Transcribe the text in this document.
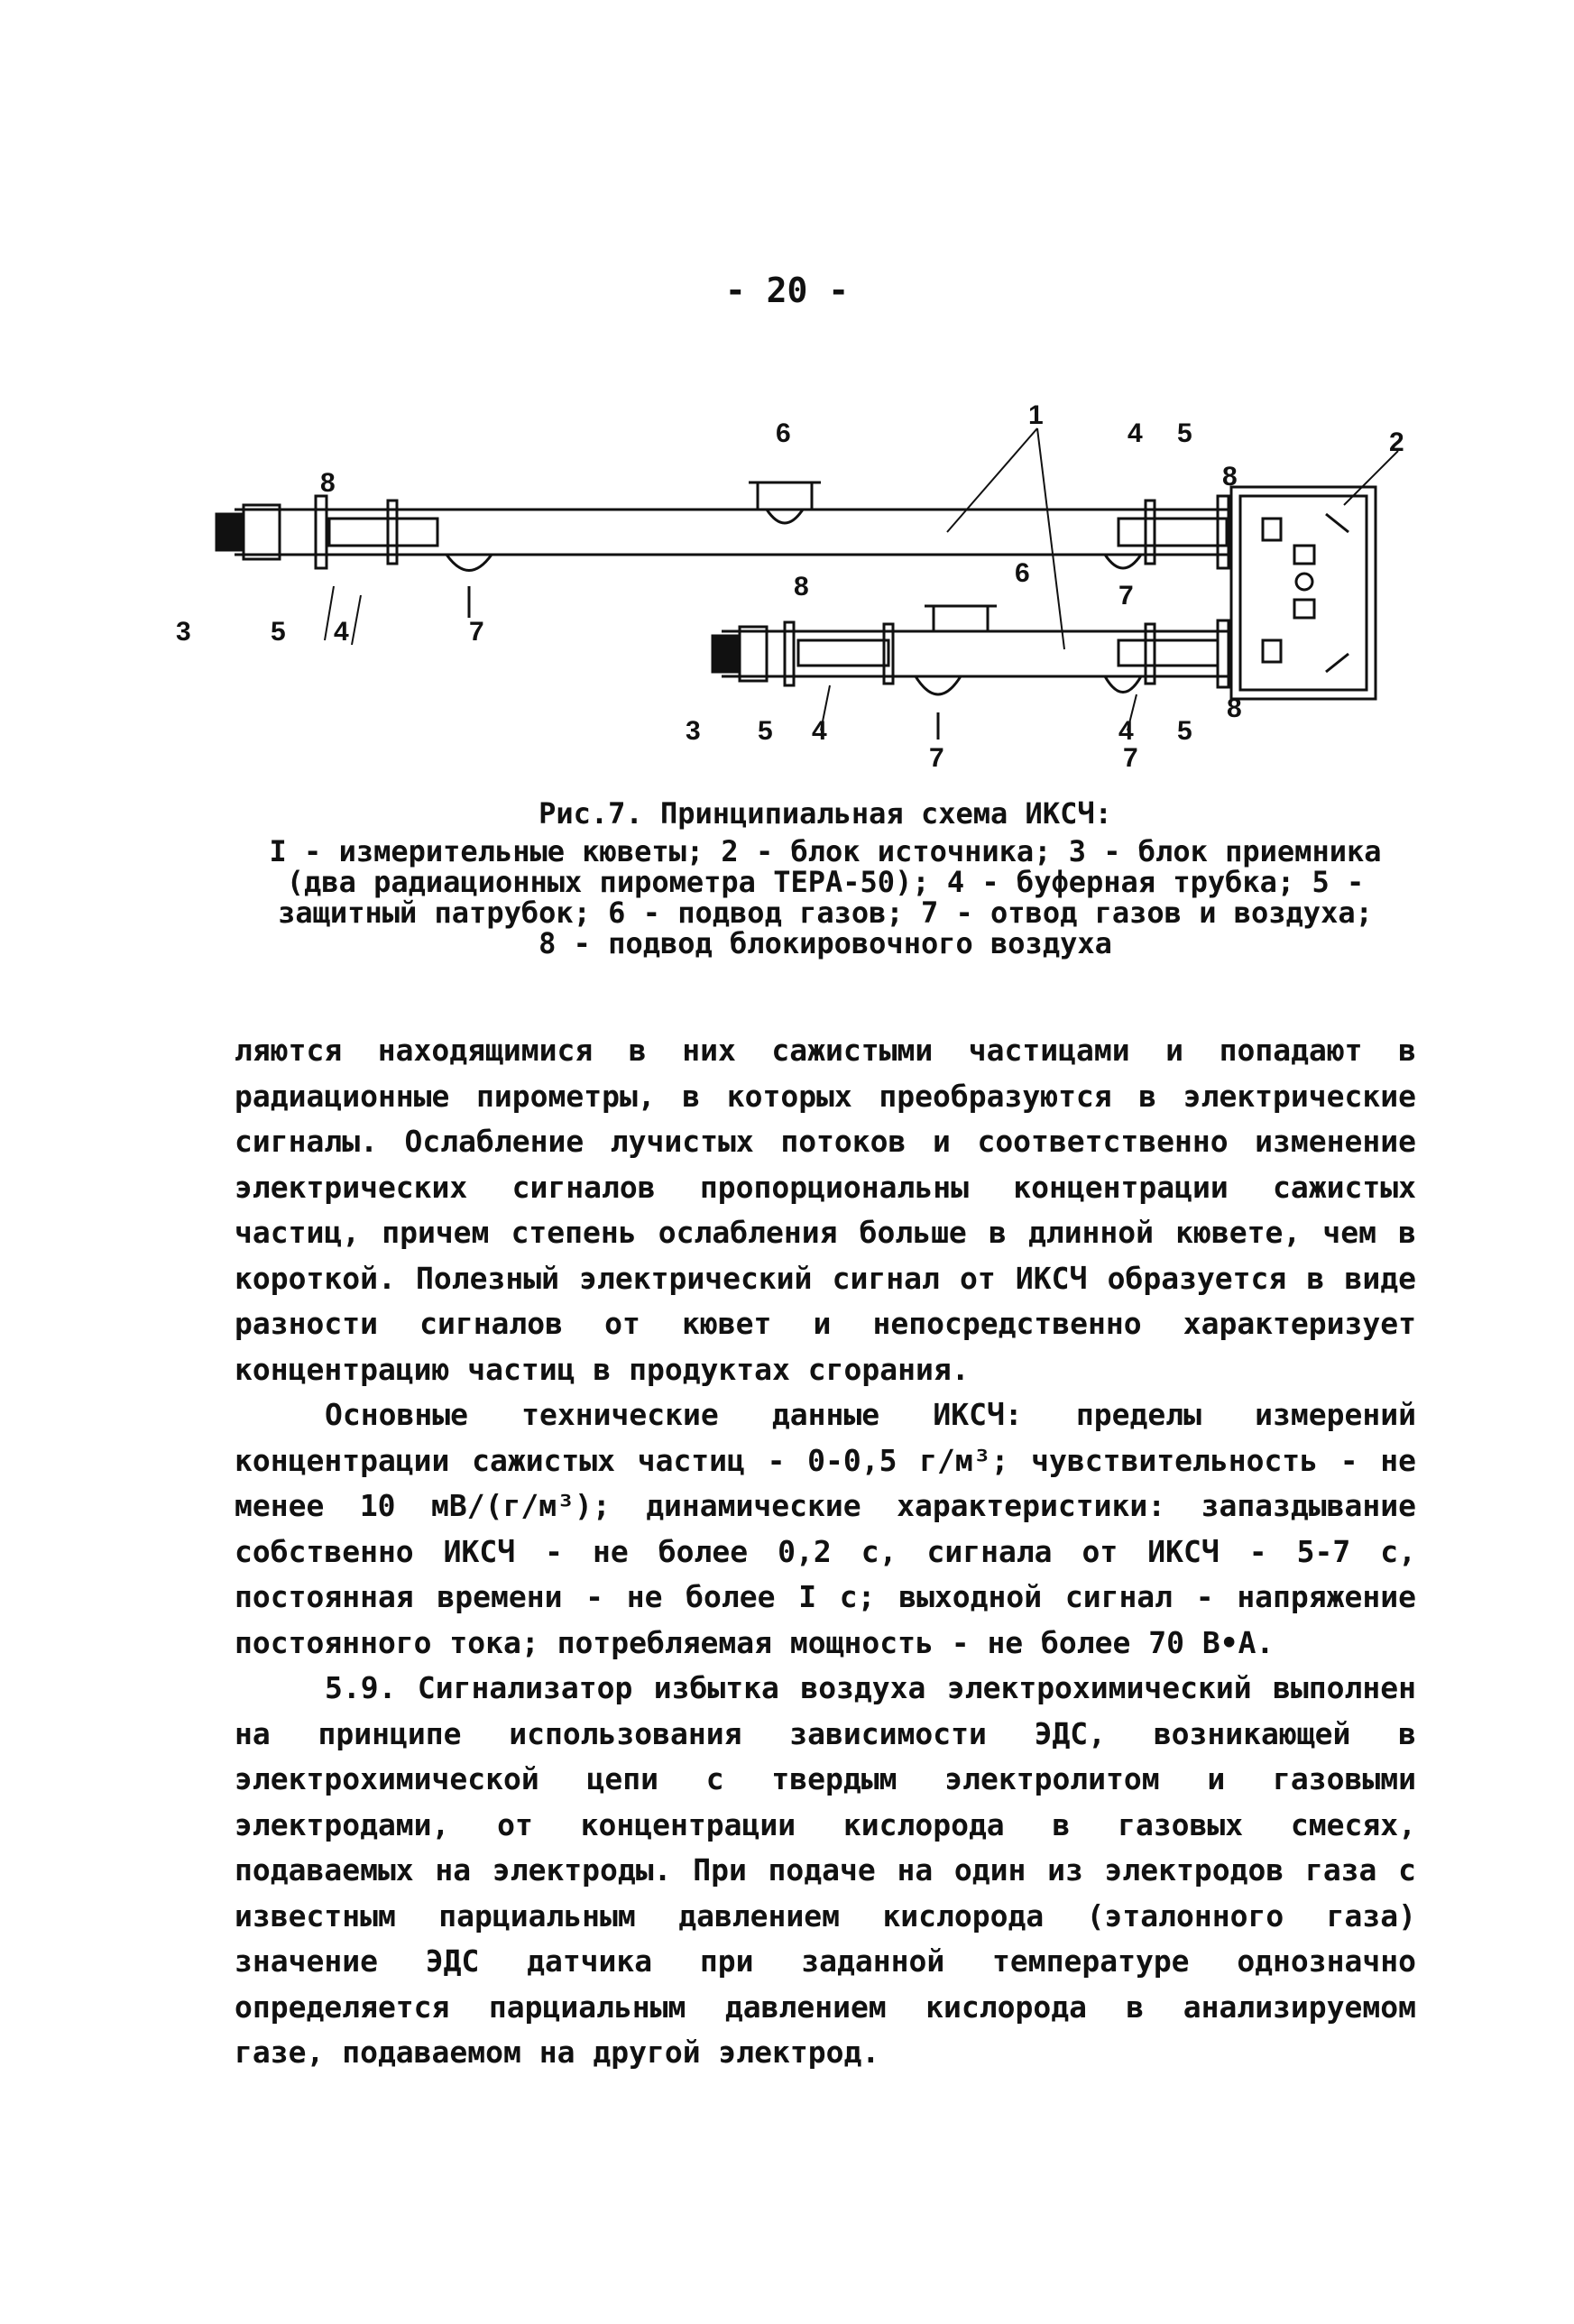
- 20 -
1
2
3
3
4
4
4
4
5
5
5
5
6
6
7
7
7	7
8
8
8
8
Рис.7. Принципиальная схема ИКСЧ:
I - измерительные кюветы; 2 - блок источника; 3 - блок приемника
(два радиационных пирометра ТЕРА-50); 4 - буферная трубка; 5 -
защитный патрубок; 6 - подвод газов; 7 - отвод газов и воздуха;
8 - подвод блокировочного воздуха

ляются находящимися в них сажистыми частицами и попадают в радиационные пирометры, в которых преобразуются в электрические сигналы. Ослабление лучистых потоков и соответственно изменение электрических сигналов пропорциональны концентрации сажистых частиц, причем степень ослабления больше в длинной кювете, чем в короткой. Полезный электрический сигнал от ИКСЧ образуется в виде разности сигналов от кювет и непосредственно характеризует концентрацию частиц в продуктах сгорания.

Основные технические данные ИКСЧ: пределы измерений концентрации сажистых частиц - 0-0,5 г/м³; чувствительность - не менее 10 мВ/(г/м³); динамические характеристики: запаздывание собственно ИКСЧ - не более 0,2 с, сигнала от ИКСЧ - 5-7 с, постоянная времени - не более I с; выходной сигнал - напряжение постоянного тока; потребляемая мощность - не более 70 В•А.

5.9. Сигнализатор избытка воздуха электрохимический выполнен на принципе использования зависимости ЭДС, возникающей в электрохимической цепи с твердым электролитом и газовыми электродами, от концентрации кислорода в газовых смесях, подаваемых на электроды. При подаче на один из электродов газа с известным парциальным давлением кислорода (эталонного газа) значение ЭДС датчика при заданной температуре однозначно определяется парциальным давлением кислорода в анализируемом газе, подаваемом на другой электрод.
